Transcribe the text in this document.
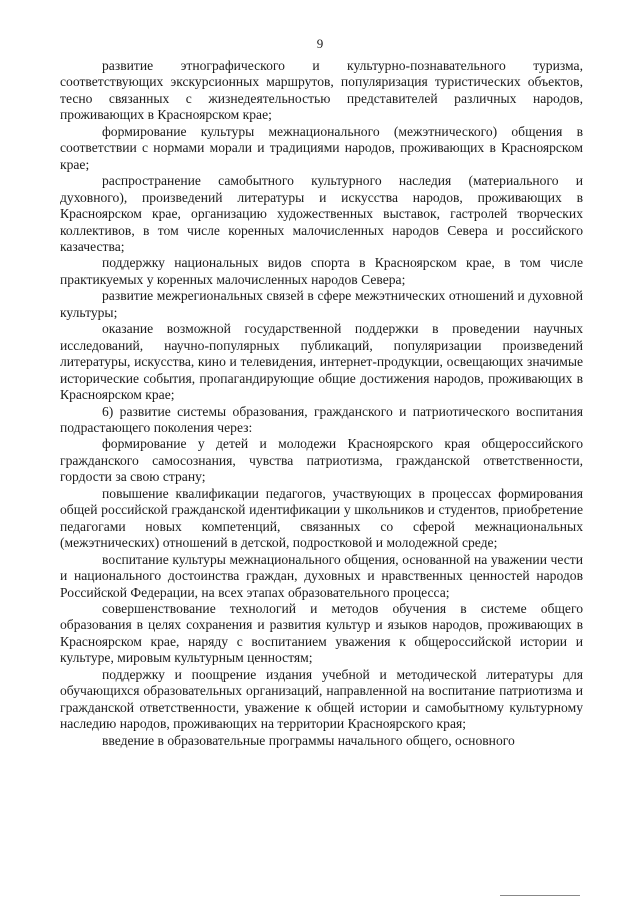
9

развитие этнографического и культурно-познавательного туризма, соответствующих экскурсионных маршрутов, популяризация туристических объектов, тесно связанных с жизнедеятельностью представителей различных народов, проживающих в Красноярском крае;

формирование культуры межнационального (межэтнического) общения в соответствии с нормами морали и традициями народов, проживающих в Красноярском крае;

распространение самобытного культурного наследия (материального и духовного), произведений литературы и искусства народов, проживающих в Красноярском крае, организацию художественных выставок, гастролей творческих коллективов, в том числе коренных малочисленных народов Севера и российского казачества;

поддержку национальных видов спорта в Красноярском крае, в том числе практикуемых у коренных малочисленных народов Севера;

развитие межрегиональных связей в сфере межэтнических отношений и духовной культуры;

оказание возможной государственной поддержки в проведении научных исследований, научно-популярных публикаций, популяризации произведений литературы, искусства, кино и телевидения, интернет-продукции, освещающих значимые исторические события, пропагандирующие общие достижения народов, проживающих в Красноярском крае;

6) развитие системы образования, гражданского и патриотического воспитания подрастающего поколения через:

формирование у детей и молодежи Красноярского края общероссийского гражданского самосознания, чувства патриотизма, гражданской ответственности, гордости за свою страну;

повышение квалификации педагогов, участвующих в процессах формирования общей российской гражданской идентификации у школьников и студентов, приобретение педагогами новых компетенций, связанных со сферой межнациональных (межэтнических) отношений в детской, подростковой и молодежной среде;

воспитание культуры межнационального общения, основанной на уважении чести и национального достоинства граждан, духовных и нравственных ценностей народов Российской Федерации, на всех этапах образовательного процесса;

совершенствование технологий и методов обучения в системе общего образования в целях сохранения и развития культур и языков народов, проживающих в Красноярском крае, наряду с воспитанием уважения к общероссийской истории и культуре, мировым культурным ценностям;

поддержку и поощрение издания учебной и методической литературы для обучающихся образовательных организаций, направленной на воспитание патриотизма и гражданской ответственности, уважение к общей истории и самобытному культурному наследию народов, проживающих на территории Красноярского края;

введение в образовательные программы начального общего, основного
